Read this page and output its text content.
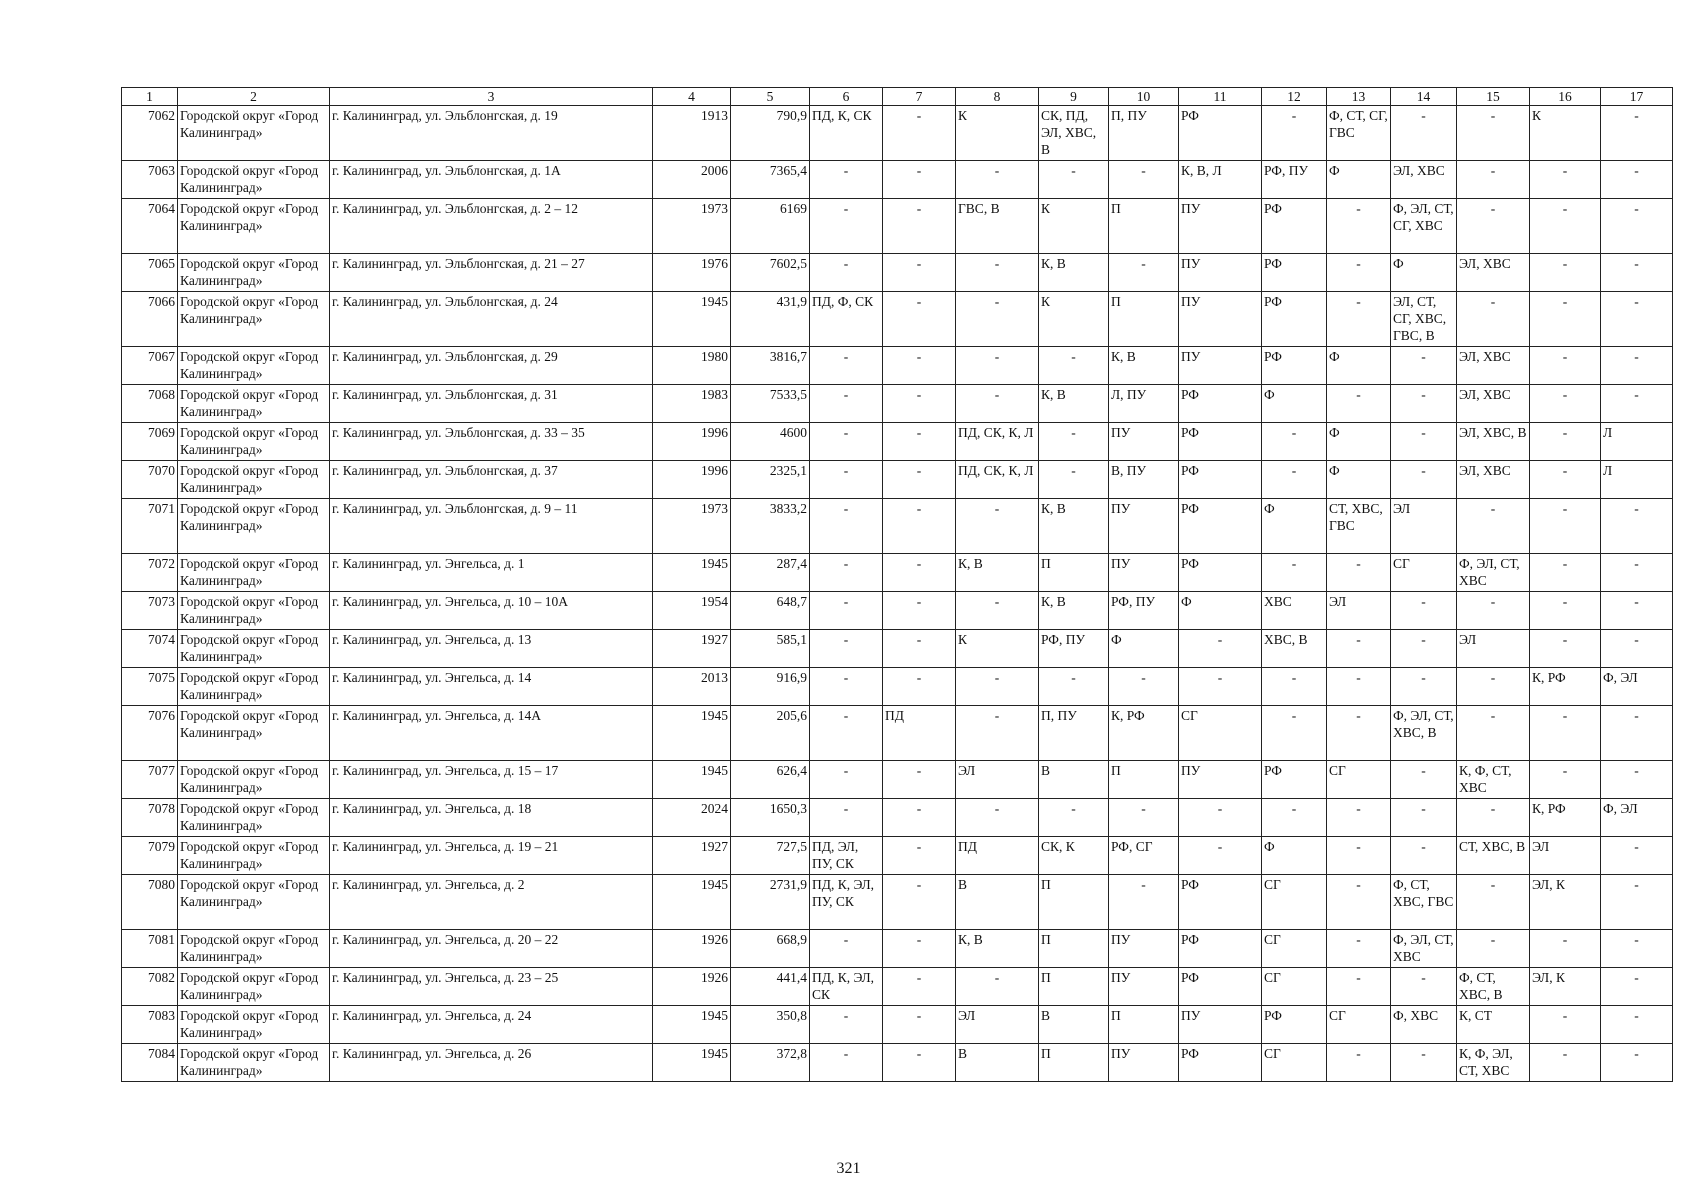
1	2	3	4	5	6	7	8	9	10	11	12	13	14	15	16	17
7062	Городской округ «Город Калининград»	г. Калининград, ул. Эльблонгская, д. 19	1913	790,9	ПД, К, СК	-	К	СК, ПД, ЭЛ, ХВС, В	П, ПУ	РФ	-	Ф, СТ, СГ, ГВС	-	-	К	-
7063	Городской округ «Город Калининград»	г. Калининград, ул. Эльблонгская, д. 1А	2006	7365,4	-	-	-	-	-	К, В, Л	РФ, ПУ	Ф	ЭЛ, ХВС	-	-	-
7064	Городской округ «Город Калининград»	г. Калининград, ул. Эльблонгская, д. 2 – 12	1973	6169	-	-	ГВС, В	К	П	ПУ	РФ	-	Ф, ЭЛ, СТ, СГ, ХВС	-	-	-
7065	Городской округ «Город Калининград»	г. Калининград, ул. Эльблонгская, д. 21 – 27	1976	7602,5	-	-	-	К, В	-	ПУ	РФ	-	Ф	ЭЛ, ХВС	-	-
7066	Городской округ «Город Калининград»	г. Калининград, ул. Эльблонгская, д. 24	1945	431,9	ПД, Ф, СК	-	-	К	П	ПУ	РФ	-	ЭЛ, СТ, СГ, ХВС, ГВС, В	-	-	-
7067	Городской округ «Город Калининград»	г. Калининград, ул. Эльблонгская, д. 29	1980	3816,7	-	-	-	-	К, В	ПУ	РФ	Ф	-	ЭЛ, ХВС	-	-
7068	Городской округ «Город Калининград»	г. Калининград, ул. Эльблонгская, д. 31	1983	7533,5	-	-	-	К, В	Л, ПУ	РФ	Ф	-	-	ЭЛ, ХВС	-	-
7069	Городской округ «Город Калининград»	г. Калининград, ул. Эльблонгская, д. 33 – 35	1996	4600	-	-	ПД, СК, К, Л	-	ПУ	РФ	-	Ф	-	ЭЛ, ХВС, В	-	Л
7070	Городской округ «Город Калининград»	г. Калининград, ул. Эльблонгская, д. 37	1996	2325,1	-	-	ПД, СК, К, Л	-	В, ПУ	РФ	-	Ф	-	ЭЛ, ХВС	-	Л
7071	Городской округ «Город Калининград»	г. Калининград, ул. Эльблонгская, д. 9 – 11	1973	3833,2	-	-	-	К, В	ПУ	РФ	Ф	СТ, ХВС, ГВС	ЭЛ	-	-	-
7072	Городской округ «Город Калининград»	г. Калининград, ул. Энгельса, д. 1	1945	287,4	-	-	К, В	П	ПУ	РФ	-	-	СГ	Ф, ЭЛ, СТ, ХВС	-	-
7073	Городской округ «Город Калининград»	г. Калининград, ул. Энгельса, д. 10 – 10А	1954	648,7	-	-	-	К, В	РФ, ПУ	Ф	ХВС	ЭЛ	-	-	-	-
7074	Городской округ «Город Калининград»	г. Калининград, ул. Энгельса, д. 13	1927	585,1	-	-	К	РФ, ПУ	Ф	-	ХВС, В	-	-	ЭЛ	-	-
7075	Городской округ «Город Калининград»	г. Калининград, ул. Энгельса, д. 14	2013	916,9	-	-	-	-	-	-	-	-	-	-	К, РФ	Ф, ЭЛ
7076	Городской округ «Город Калининград»	г. Калининград, ул. Энгельса, д. 14А	1945	205,6	-	ПД	-	П, ПУ	К, РФ	СГ	-	-	Ф, ЭЛ, СТ, ХВС, В	-	-	-
7077	Городской округ «Город Калининград»	г. Калининград, ул. Энгельса, д. 15 – 17	1945	626,4	-	-	ЭЛ	В	П	ПУ	РФ	СГ	-	К, Ф, СТ, ХВС	-	-
7078	Городской округ «Город Калининград»	г. Калининград, ул. Энгельса, д. 18	2024	1650,3	-	-	-	-	-	-	-	-	-	-	К, РФ	Ф, ЭЛ
7079	Городской округ «Город Калининград»	г. Калининград, ул. Энгельса, д. 19 – 21	1927	727,5	ПД, ЭЛ, ПУ, СК	-	ПД	СК, К	РФ, СГ	-	Ф	-	-	СТ, ХВС, В	ЭЛ	-
7080	Городской округ «Город Калининград»	г. Калининград, ул. Энгельса, д. 2	1945	2731,9	ПД, К, ЭЛ, ПУ, СК	-	В	П	-	РФ	СГ	-	Ф, СТ, ХВС, ГВС	-	ЭЛ, К	-
7081	Городской округ «Город Калининград»	г. Калининград, ул. Энгельса, д. 20 – 22	1926	668,9	-	-	К, В	П	ПУ	РФ	СГ	-	Ф, ЭЛ, СТ, ХВС	-	-	-
7082	Городской округ «Город Калининград»	г. Калининград, ул. Энгельса, д. 23 – 25	1926	441,4	ПД, К, ЭЛ, СК	-	-	П	ПУ	РФ	СГ	-	-	Ф, СТ, ХВС, В	ЭЛ, К	-
7083	Городской округ «Город Калининград»	г. Калининград, ул. Энгельса, д. 24	1945	350,8	-	-	ЭЛ	В	П	ПУ	РФ	СГ	Ф, ХВС	К, СТ	-	-
7084	Городской округ «Город Калининград»	г. Калининград, ул. Энгельса, д. 26	1945	372,8	-	-	В	П	ПУ	РФ	СГ	-	-	К, Ф, ЭЛ, СТ, ХВС	-	-
321
